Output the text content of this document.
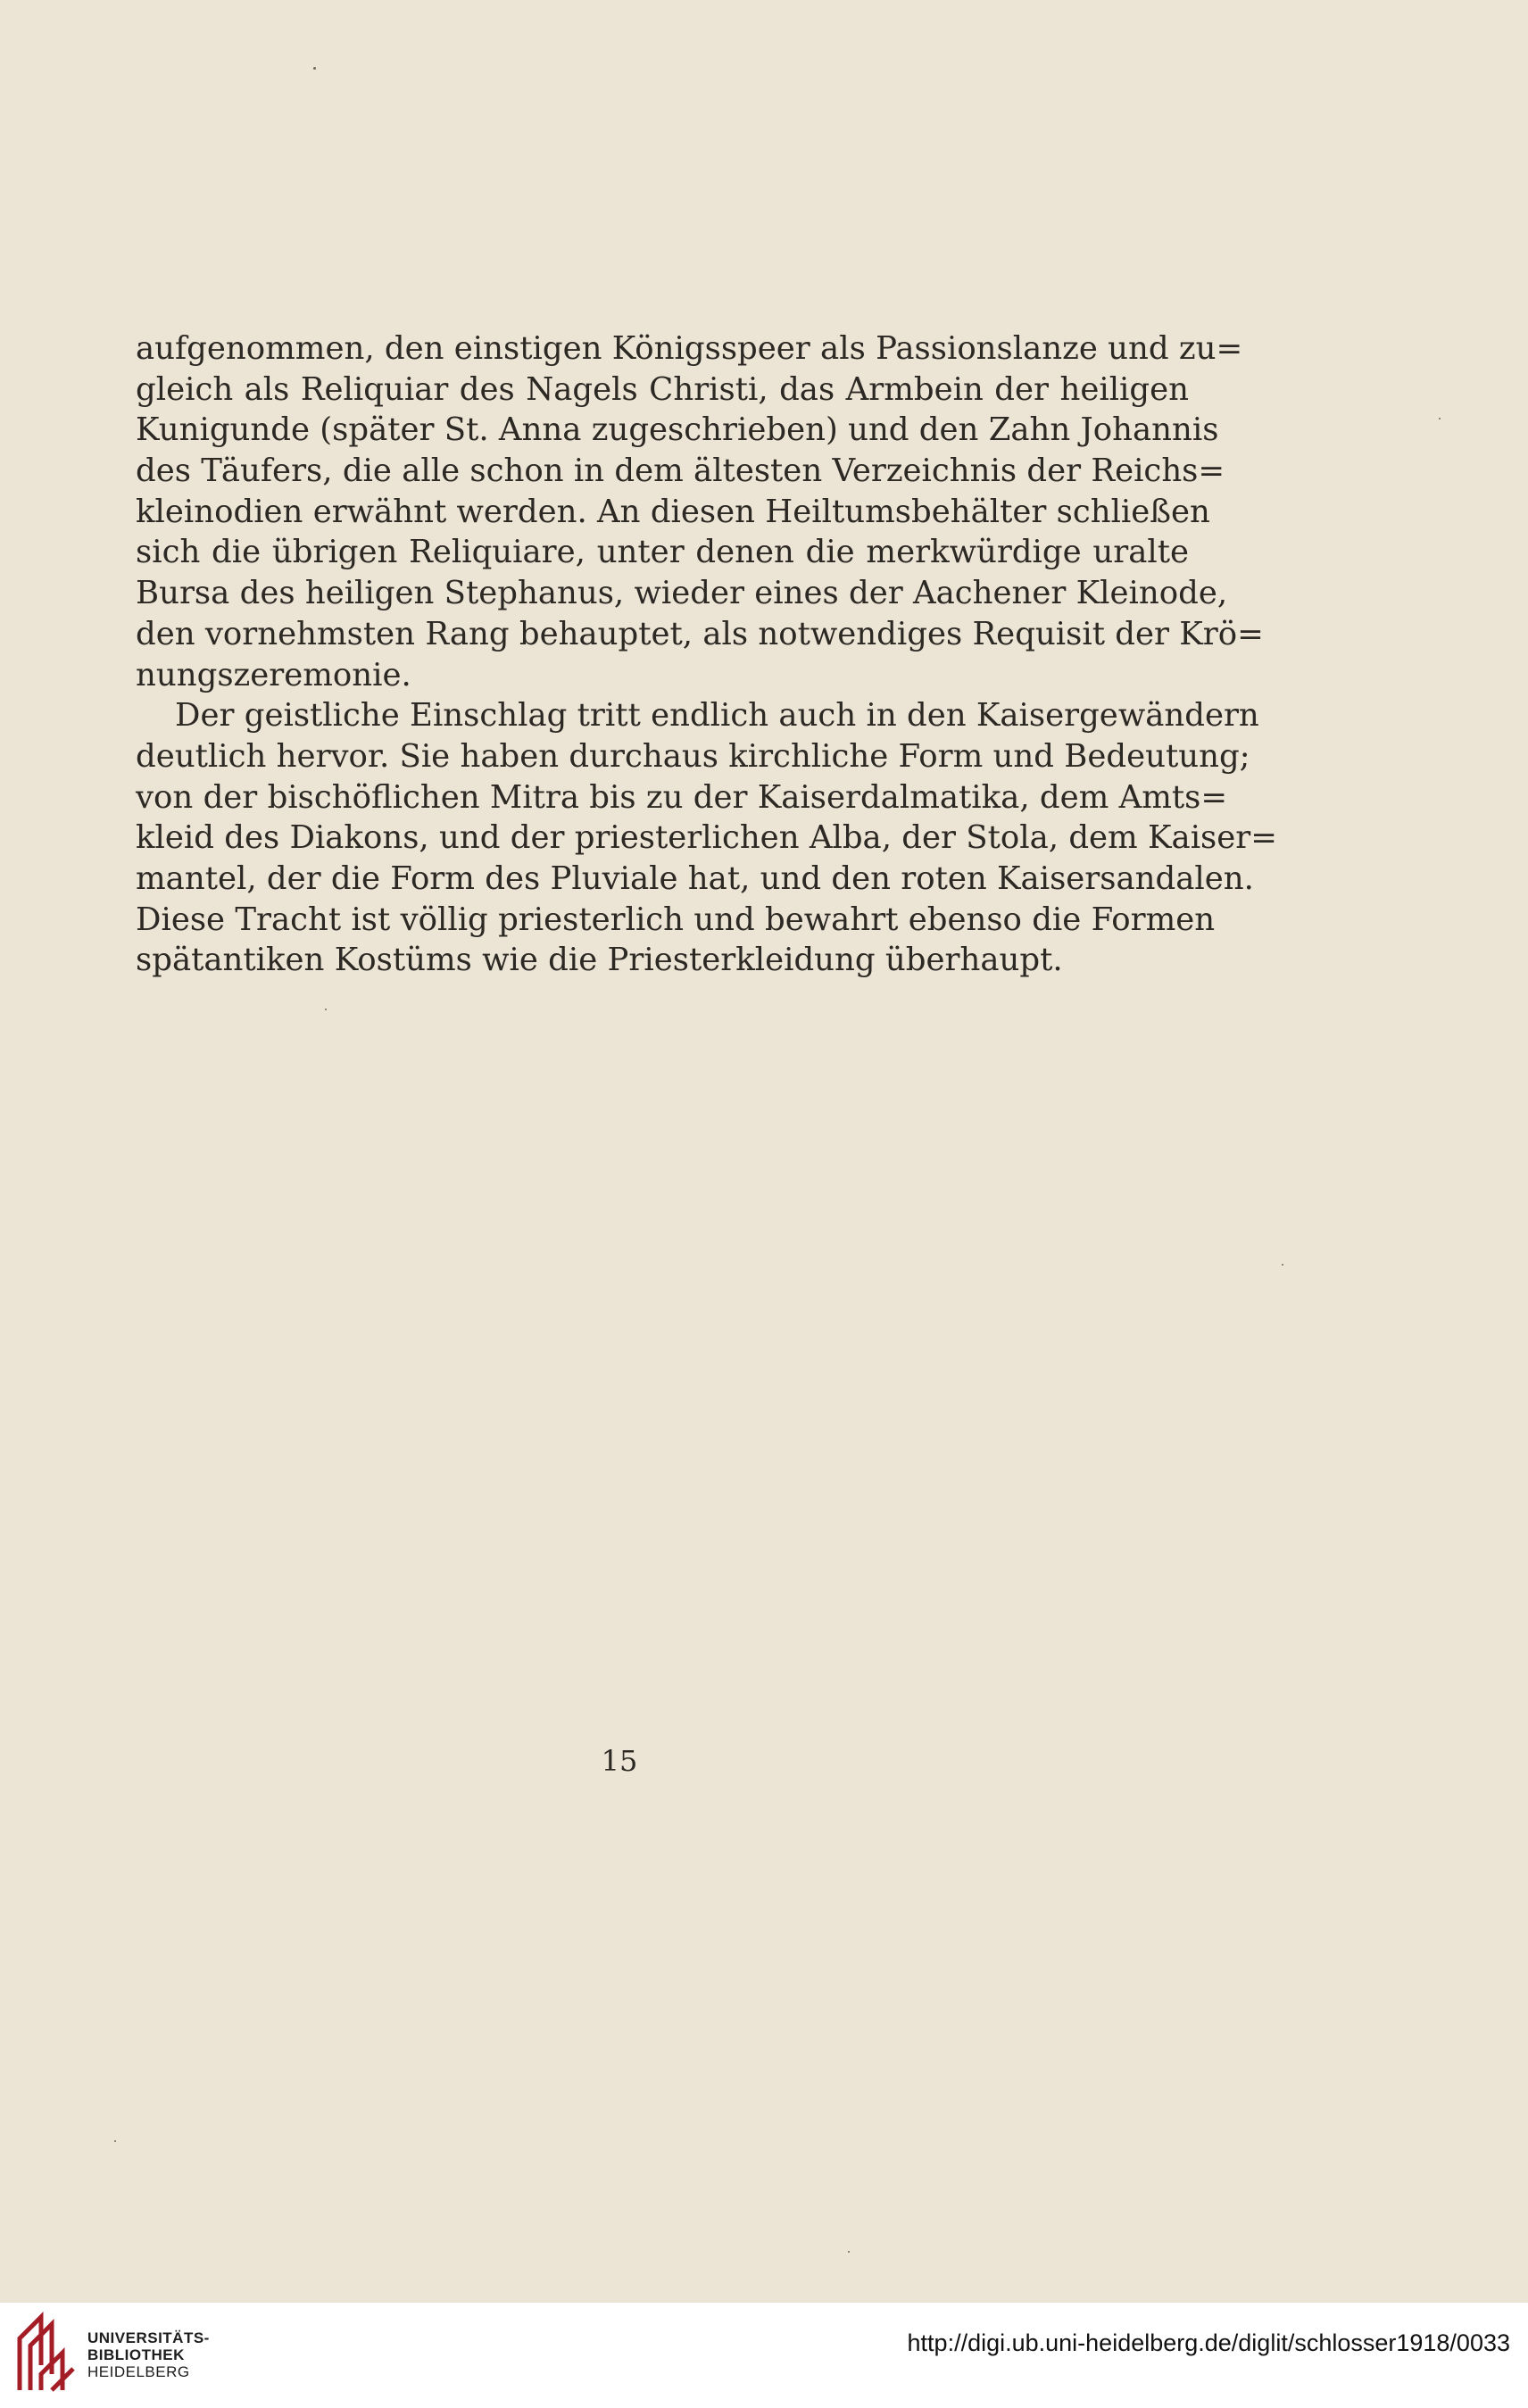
aufgenommen, den einstigen Königsspeer als Passionslanze und zu=
gleich als Reliquiar des Nagels Christi, das Armbein der heiligen
Kunigunde (später St. Anna zugeschrieben) und den Zahn Johannis
des Täufers, die alle schon in dem ältesten Verzeichnis der Reichs=
kleinodien erwähnt werden. An diesen Heiltumsbehälter schließen
sich die übrigen Reliquiare, unter denen die merkwürdige uralte
Bursa des heiligen Stephanus, wieder eines der Aachener Kleinode,
den vornehmsten Rang behauptet, als notwendiges Requisit der Krö=
nungszeremonie.
Der geistliche Einschlag tritt endlich auch in den Kaisergewändern
deutlich hervor. Sie haben durchaus kirchliche Form und Bedeutung;
von der bischöflichen Mitra bis zu der Kaiserdalmatika, dem Amts=
kleid des Diakons, und der priesterlichen Alba, der Stola, dem Kaiser=
mantel, der die Form des Pluviale hat, und den roten Kaisersandalen.
Diese Tracht ist völlig priesterlich und bewahrt ebenso die Formen
spätantiken Kostüms wie die Priesterkleidung überhaupt.
15
UNIVERSITÄTS-
BIBLIOTHEK
HEIDELBERG
http://digi.ub.uni-heidelberg.de/diglit/schlosser1918/0033
